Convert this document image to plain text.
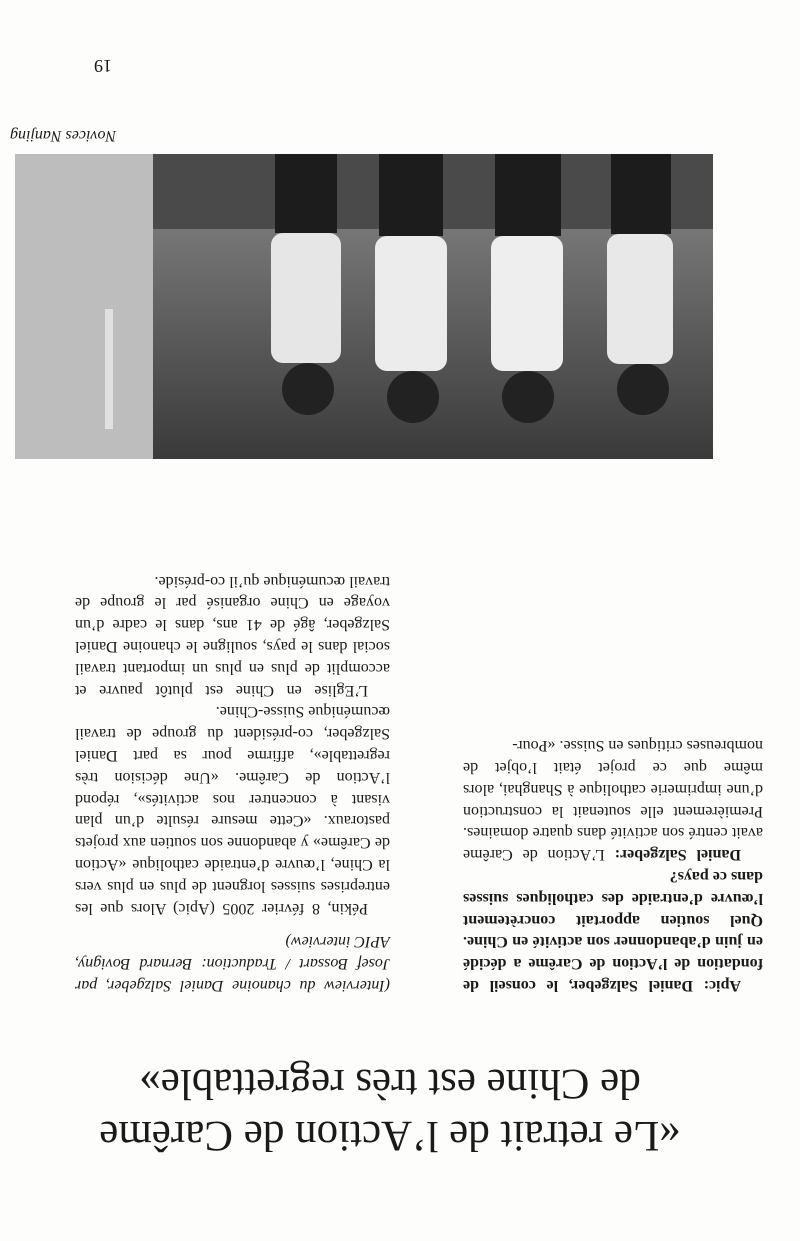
«Le retrait de l’Action de Carême
de Chine est très regrettable»

(Interview du chanoine Daniel Salzgeber, par Josef Bossart / Traduction: Bernard Bovigny, APIC interview)

Pékin, 8 février 2005 (Apic) Alors que les entreprises suisses lorgnent de plus en plus vers la Chine, l’œuvre d’entraide catholique «Action de Carême» y abandonne son soutien aux projets pastoraux. «Cette mesure résulte d’un plan visant à concentrer nos activités», répond l’Action de Carême. «Une décision très regrettable», affirme pour sa part Daniel Salzgeber, co-président du groupe de travail œcuménique Suisse-Chine.

L’Eglise en Chine est plutôt pauvre et accomplit de plus en plus un important travail social dans le pays, souligne le chanoine Daniel Salzgeber, âgé de 41 ans, dans le cadre d’un voyage en Chine organisé par le groupe de travail œcuménique qu’il co-préside.

Apic: Daniel Salzgeber, le conseil de fondation de l’Action de Carême a décidé en juin d’abandonner son activité en Chine. Quel soutien apportait concrètement l’œuvre d’entraide des catholiques suisses dans ce pays?

Daniel Salzgeber: L’Action de Carême avait centré son activité dans quatre domaines. Premièrement elle soutenait la construction d’une imprimerie catholique à Shanghai, alors même que ce projet était l’objet de nombreuses critiques en Suisse. «Pour-

Novices Nanjing
19
